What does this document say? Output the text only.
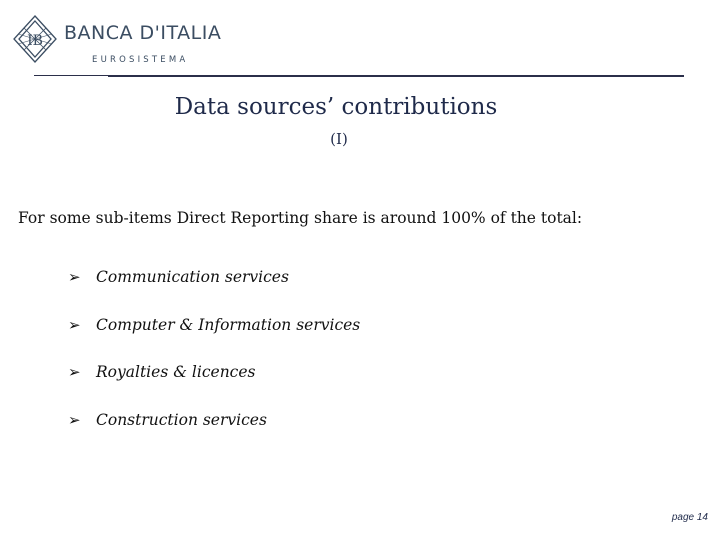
IB BANCA D'ITALIA
EUROSISTEMA
Data sources’ contributions
(I)
For some sub-items Direct Reporting share is around 100% of the total:
➢ Communication services
➢ Computer & Information services
➢ Royalties & licences
➢ Construction services
page 14
